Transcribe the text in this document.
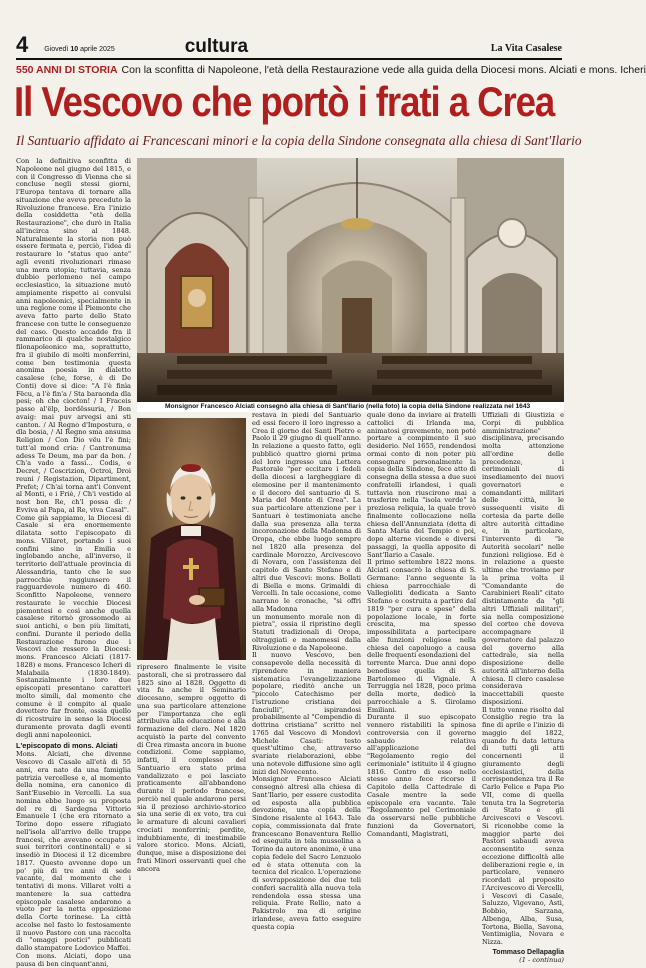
4 Giovedì 10 aprile 2025	cultura	La Vita Casalese
550 ANNI DI STORIA Con la sconfitta di Napoleone, l'età della Restaurazione vede alla guida della Diocesi mons. Alciati e mons. Icheri
Il Vescovo che portò i frati a Crea
Il Santuario affidato ai Francescani minori e la copia della Sindone consegnata alla chiesa di Sant'Ilario

Con la definitiva sconfitta di Napoleone nel giugno del 1815, e con il Congresso di Vienna che si concluse negli stessi giorni, l'Europa tentava di tornare alla situazione che aveva preceduto la Rivoluzione francese. Era l'inizio della cosiddetta "età della Restaurazione", che durò in Italia all'incirca sino al 1848. Naturalmente la storia non può essere fermata e, perciò, l'idea di restaurare lo "status quo ante" agli eventi rivoluzionari rimase una mera utopia; tuttavia, senza dubbio perlomeno nel campo ecclesiastico, la situazione mutò ampiamente rispetto ai convulsi anni napoleonici, specialmente in una regione come il Piemonte che aveva fatto parte dello Stato francese con tutte le conseguenze del caso. Questo accadde fra il rammarico di qualche nostalgico filonapoleonico ma, soprattutto, fra il giubilo di molti monferrini, come ben testimonia questa anonima poesia in dialetto casalese (che, forse, è di De Conti) dove si dice: "A l'è finìa Fëcu, a l'è fin'a / Sta baraonda dla pesi; oh che ciocton! / I Fraceis passo al'ëlp, bordëssuria, / Bon avaig: mai puv arvegsi ani sti canton. / Al Regno d'Impostura, e dla bosia, / Al Regno sma ansuma Religion / Con Dio vëu l'è fini; tutt'al mond cria: / Cantronuma adess Te Deum, ma par da bon. / Ch'a vado a fassi... Codis, e Decret, / Coscrizion, Octroi, Droi reuni / Registazion, Dipartiment, Prefet; / Ch'ai torna ant'i Convent al Monti, e i Friè, / Ch'i vestido al nost bon Re, ch'l possa dì: / Evviva al Papa, al Re, viva Casal".

Come già sappiamo, la Diocesi di Casale si era enormemente dilatata sotto l'episcopato di mons. Villaret, portando i suoi confini sino in Emilia e inglobando anche, all'inverso, il territorio dell'attuale provincia di Alessandria, tanto che le sue parrocchie raggiunsero il ragguardevole numero di 460. Sconfitto Napoleone, vennero restaurate le vecchie Diocesi piemontesi e così anche quella casalese ritornò grossomodo ai suoi antichi, e ben più limitati, confini. Durante il periodo della Restaurazione furono due i Vescovi che ressero la Diocesi: mons. Francesco Alciati (1817-1828) e mons. Francesco Icheri di Malabaila (1830-1849). Sostanzialmente i loro due episcopati presentano caratteri molto simili, dal momento che comune è il compito al quale dovettero far fronte, ossia quello di ricostruire in senso la Diocesi duramente provata dagli eventi degli anni napoleonici.

L'episcopato di mons. Alciati

Mons. Alciati, che divenne Vescovo di Casale all'età di 55 anni, era nato da una famiglia patrizia vercellese e, al momento della nomina, era canonico di Sant'Eusebio in Vercelli. La sua nomina ebbe luogo su proposta del re di Sardegna Vittorio Emanuele I (che era ritornato a Torino dopo essere rifugiato nell'isola all'arrivo delle truppe francesi, che avevano occupato i suoi territori continentali) e si insediò in Diocesi il 12 dicembre 1817. Questo avvenne dopo un po' più di tre anni di sede vacante, dal momento che i tentativi di mons. Villaret volti a mantenere la sua cattedra episcopale casalese andarono a vuoto per la netta opposizione della Corte torinese. La città accolse nel fasto lo festosamente il nuovo Pastore con una raccolta di "omaggi poetici" pubblicati dallo stampatore Lodovico Maffei.

Con mons. Alciati, dopo una pausa di ben cinquant'anni,

Monsignor Francesco Alciati consegnò alla chiesa di Sant'Ilario (nella foto) la copia della Sindone realizzata nel 1643

ripresero finalmente le visite pastorali, che si protrassero dal 1825 sino al 1828. Oggetto di vita fu anche il Seminario diocesano, sempre oggetto di una sua particolare attenzione per l'importanza che egli attribuiva alla educazione e alla formazione del clero. Nel 1820 acquistò la parte del convento di Crea rimasta ancora in buone condizioni. Come sappiamo, infatti, il complesso del Santuario era stato prima vandalizzato e poi lasciato praticamente all'abbandono durante il periodo francese, perciò nel quale andarono persi sia il prezioso archivio-storico sia una serie di ex voto, tra cui le armature di alcuni cavalieri crociati monferrini; perdite, indubbiamente, di inestimabile valore storico. Mons. Alciati, dunque, mise a disposizione dei frati Minori osservanti quel che ancora

restava in piedi del Santuario ed essi fecero il loro ingresso a Crea il giorno dei Santi Pietro e Paolo il 29 giugno di quell'anno. In relazione a questo fatto, egli pubblicò quattro giorni prima del loro ingresso una Lettera Pastorale "per eccitare i fedeli della diocesi a largheggiare di elemosine per il mantenimento e il decoro del santuario di S. Maria del Monte di Crea". La sua particolare attenzione per i Santuari è testimoniata anche dalla sua presenza alla terza incoronazione della Madonna di Oropa, che ebbe luogo sempre nel 1820 alla presenza del cardinale Morozzo, Arcivescovo di Novara, con l'assistenza del capitolo di Santo Stefano e di altri due Vescovi: mons. Bollati di Biella e mons. Grimaldi di Vercelli. In tale occasione, come narrano le cronache, "si offri alla Madonna

un monumento morale non di pietra", ossia il ripristino degli Statuti tradizionali di Oropa, oltraggiati e manomessi dalla Rivoluzione e da Napoleone.

Il nuovo Vescovo, ben consapevole della necessità di riprendere in maniera sistematica l'evangelizzazione popolare, rieditò anche un "piccolo Catechismo per l'istruzione cristiana dei fanciulli", ispirandosi probabilmente al "Compendio di dottrina cristiana" scritto nel 1765 dal Vescovo di Mondovì Michele Casati: testo quest'ultimo che, attraverso svariate rielaborazioni, ebbe una notevole diffusione sino agli inizi del Novecento.

Monsignor Francesco Alciati consegnò altresì alla chiesa di Sant'Ilario, per essere custodita ed esposta alla pubblica devozione, una copia della Sindone risalente al 1643. Tale copia, commissionata dal frate francescano Bonaventura Rellio ed eseguita in tela mussolina a Torino da autore anonimo, è una copia fedele del Sacro Lenzuolo ed è stata ottenuta con la tecnica del ricalco. L'operazione di sovrapposizione dei due teli conferì sacralità alla nuova tela rendendola essa stessa una reliquia. Frate Rellio, nato a Pakistrolo ma di origine irlandese, aveva fatto eseguire questa copia

quale dono da inviare ai fratelli cattolici di Irlanda ma, animatosi gravemente, non poté portare a compimento il suo desiderio. Nel 1655, rendendosi ormai conto di non poter più consegnare personalmente la copia della Sindone, fece atto di consegna della stessa a due suoi confratelli irlandesi, i quali tuttavia non riuscirono mai a trasferire nella "isola verde" la preziosa reliquia, la quale trovò finalmente collocazione nella chiesa dell'Annunziata (detta di Santa Maria del Tempio e poi, dopo alterne vicende e diversi passaggi, la quella apposito di Sant'Ilario a Casale.

Il primo settembre 1822 mons. Alciati consacrò la chiesa di S. Germano: l'anno seguente la chiesa parrocchiale di Vallegioliti dedicata a Santo Stefano e costruita a partire dal 1819 "per cura e spese" della popolazione locale, in forte crescita, ma spesso impossibilitata a partecipare alle funzioni religiose nella chiesa del capoluogo a causa delle frequenti esondazioni del

torrente Marca. Due anni dopo benedisse quella di S. Bartolomeo di Vignale. A Terruggia nel 1828, poco prima della morte, dedicò la parrocchiale a S. Girolamo Emiliani.

Durante il suo episcopato vennero ristabiliti la spinosa controversia con il governo sabaudo relativa all'applicazione del "Regolamento regio del cerimoniale" istituito il 4 giugno 1816. Contro di esso nello stesso anno fece ricorso il Capitolo della Cattedrale di Casale mentre la sede episcopale era vacante. Tale "Regolamento pel Cerimoniale da osservarsi nelle pubbliche funzioni da Governatori, Comandanti, Magistrati,

Uffiziali di Giustizia e Corpi di pubblica amministrazione" disciplinava, precisando molta attenzione all'ordine delle precedenze, i cerimoniali di insediamento dei nuovi governatori e comandanti militari delle città, le sussequenti visite di cortesia da parte delle altre autorità cittadine e, in particolare, l'intervento di "le Autorità secolari" nelle funzioni religiose. Ed è in relazione a queste ultime che troviamo per la prima volta il "Comandante de Carabinieri Reali" citato distintamente da "gli altri Uffiziali militari", sia nella composizione del corteo che doveva accompagnare il governatore dal palazzo del governo alla cattedrale, sia nella disposizione delle autorità all'interno della chiesa. Il clero casalese considerava inaccettabili queste disposizioni.

Il tutto venne risolto dal Consiglio regio tra la fine di aprile e l'inizio di maggio del 1822, quando fu data lettura di tutti gli atti concernenti il giuramento degli ecclesiastici, della corrispondenza tra il Re Carlo Felice e Papa Pio VII, come di quella tenuta tra la Segreteria di Stato e gli Arcivescovi e Vescovi. Si riconobbe come la maggior parte dei Pastori sabaudi aveva acconsentito senza eccezione difficoltà alle deliberazioni regie e, in particolare, vennero ricordati al proposito l'Arcivescovo di Vercelli, i Vescovi di Casale, Saluzzo, Vigevano, Asti, Bobbio, Sarzana, Albenga, Alba, Susa, Tortona, Biella, Savona, Ventimiglia, Novara e Nizza.

Tommaso Dellapaglia
(1 - continua)
